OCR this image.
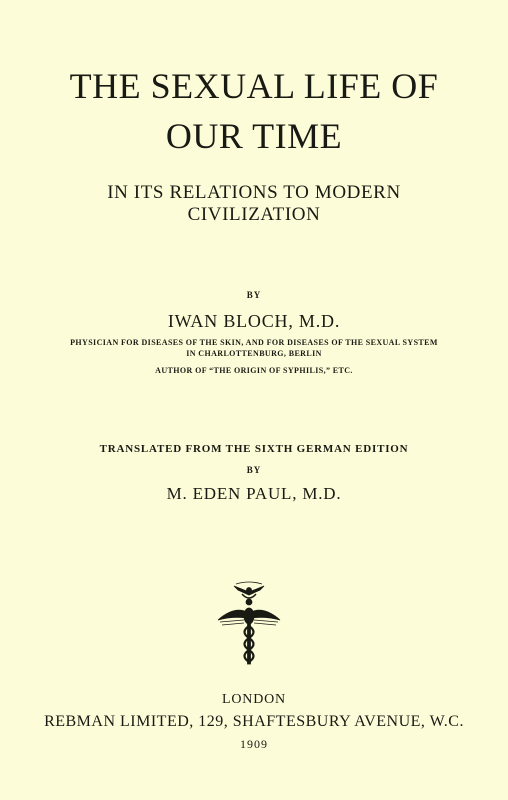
THE SEXUAL LIFE OF
OUR TIME
IN ITS RELATIONS TO MODERN
CIVILIZATION
BY
IWAN BLOCH, M.D.
PHYSICIAN FOR DISEASES OF THE SKIN, AND FOR DISEASES OF THE SEXUAL SYSTEM
IN CHARLOTTENBURG, BERLIN
AUTHOR OF “THE ORIGIN OF SYPHILIS,” ETC.
TRANSLATED FROM THE SIXTH GERMAN EDITION
BY
M. EDEN PAUL, M.D.
LONDON
REBMAN LIMITED, 129, SHAFTESBURY AVENUE, W.C.
1909
